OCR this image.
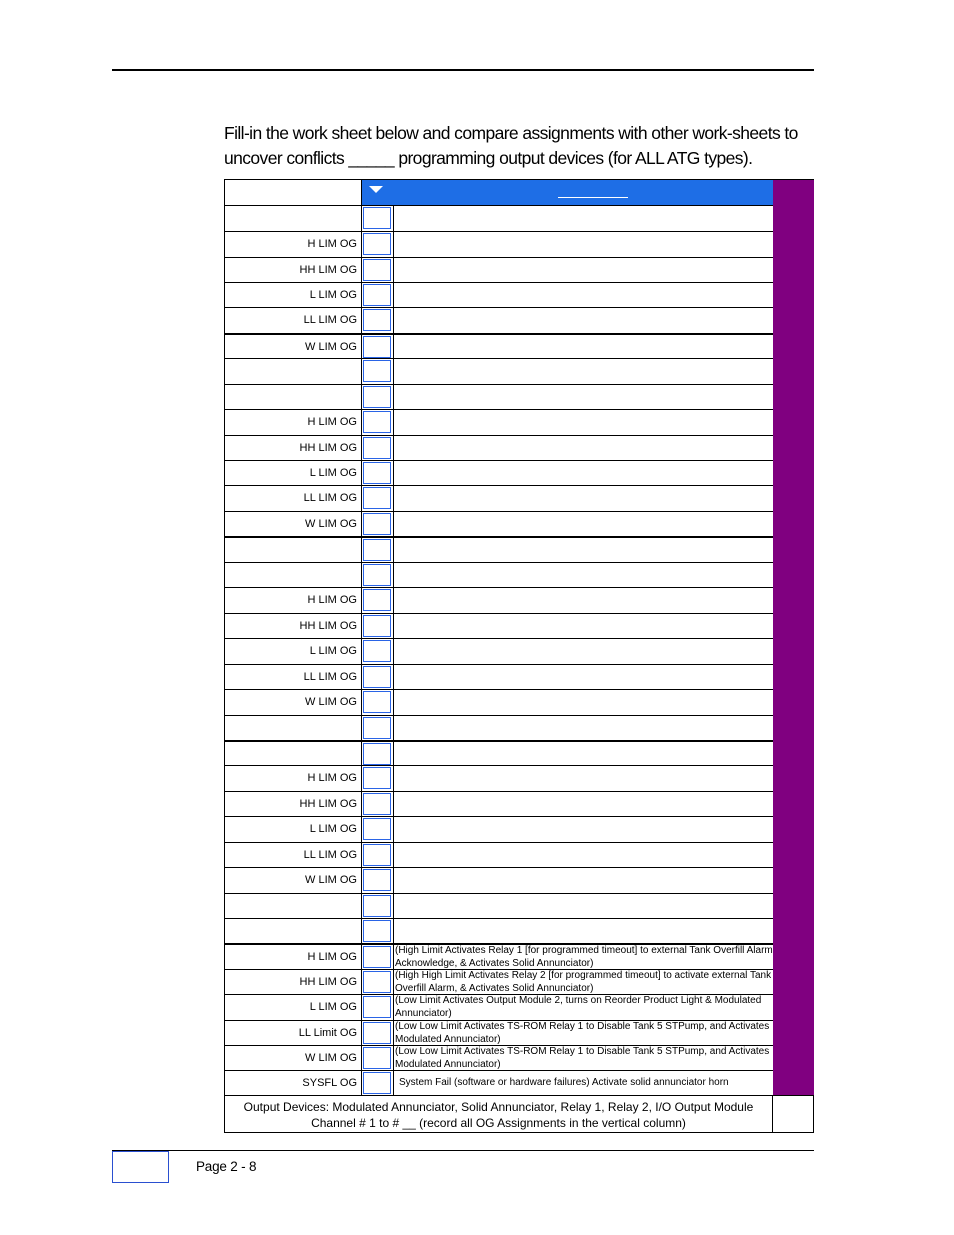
Fill-in the work sheet below and compare assignments with other work-sheets to
uncover conflicts _____ programming output devices (for ALL ATG types).
H LIM OG
HH LIM OG
L LIM OG
LL LIM OG
W LIM OG
H LIM OG
HH LIM OG
L LIM OG
LL LIM OG
W LIM OG
H LIM OG
HH LIM OG
L LIM OG
LL LIM OG
W LIM OG
H LIM OG
HH LIM OG
L LIM OG
LL LIM OG
W LIM OG
H LIM OG
(High Limit Activates Relay 1 [for programmed timeout] to external Tank Overfill Alarm Acknowledge, & Activates Solid Annunciator)
HH LIM OG
(High High Limit Activates Relay 2 [for programmed timeout] to activate external Tank Overfill Alarm, & Activates Solid Annunciator)
L LIM OG
(Low Limit Activates Output Module 2, turns on Reorder Product Light & Modulated Annunciator)
LL Limit OG
(Low Low Limit Activates TS-ROM Relay 1 to Disable Tank 5 STPump, and Activates Modulated Annunciator)
W LIM OG
(Low Low Limit Activates TS-ROM Relay 1 to Disable Tank 5 STPump, and Activates Modulated Annunciator)
SYSFL OG	System Fail (software or hardware failures) Activate solid annunciator horn
Output Devices: Modulated Annunciator, Solid Annunciator, Relay 1, Relay 2, I/O Output Module
Channel # 1 to # __ (record all OG Assignments in the vertical column)
Page 2 - 8
